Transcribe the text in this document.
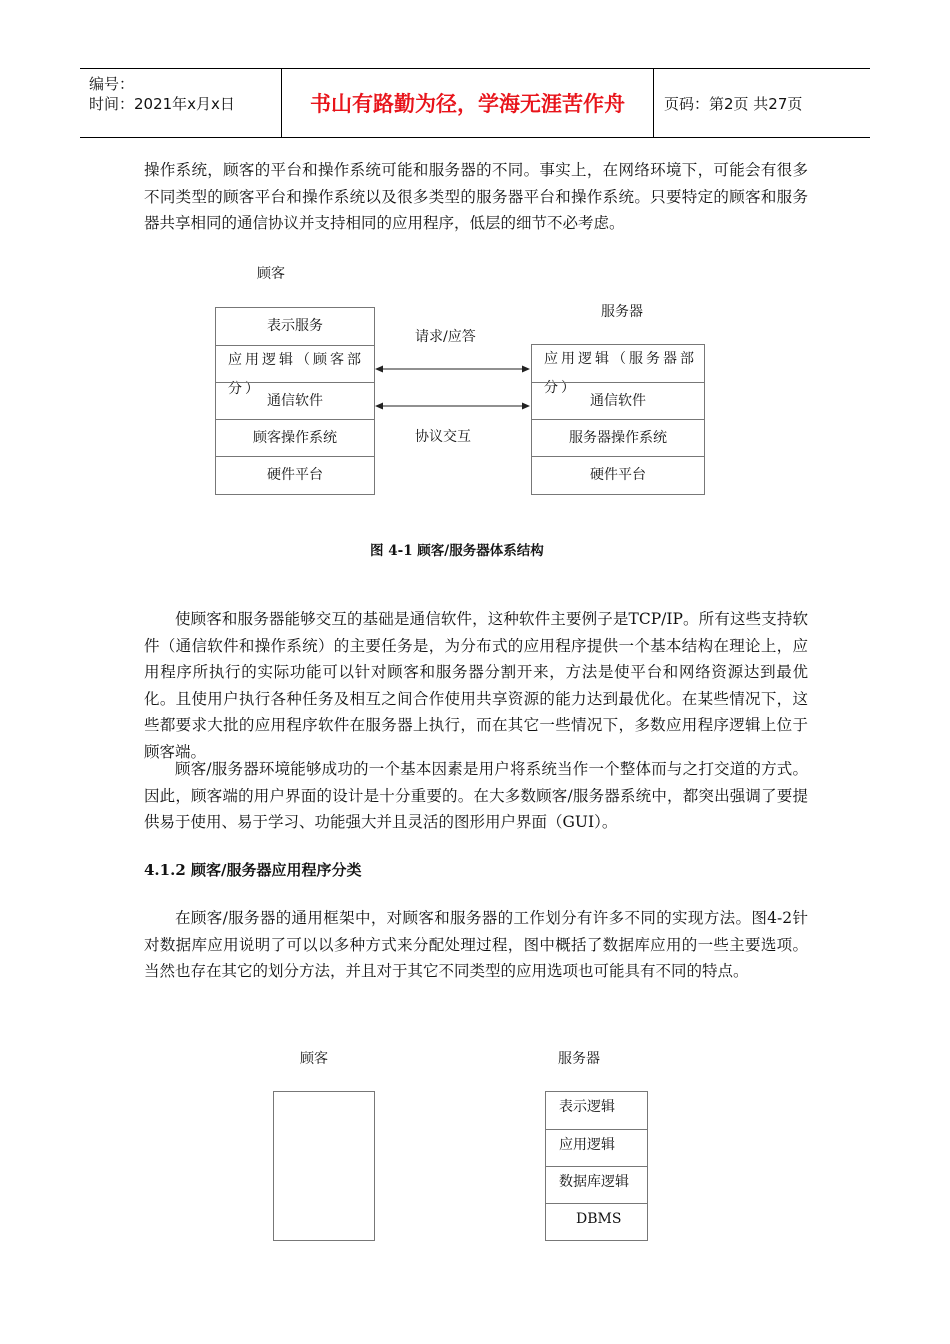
编号：
时间：2021年x月x日	书山有路勤为径，学海无涯苦作舟	页码：第2页 共27页

操作系统，顾客的平台和操作系统可能和服务器的不同。事实上，在网络环境下，可能会有很多不同类型的顾客平台和操作系统以及很多类型的服务器平台和操作系统。只要特定的顾客和服务器共享相同的通信协议并支持相同的应用程序，低层的细节不必考虑。

顾客
服务器
请求/应答
协议交互
表示服务
应用逻辑（顾客部分）
通信软件
顾客操作系统
硬件平台
应用逻辑（服务器部分）
通信软件
服务器操作系统
硬件平台
图 4-1 顾客/服务器体系结构

使顾客和服务器能够交互的基础是通信软件，这种软件主要例子是TCP/IP。所有这些支持软件（通信软件和操作系统）的主要任务是，为分布式的应用程序提供一个基本结构在理论上，应用程序所执行的实际功能可以针对顾客和服务器分割开来，方法是使平台和网络资源达到最优化。且使用户执行各种任务及相互之间合作使用共享资源的能力达到最优化。在某些情况下，这些都要求大批的应用程序软件在服务器上执行，而在其它一些情况下，多数应用程序逻辑上位于顾客端。

顾客/服务器环境能够成功的一个基本因素是用户将系统当作一个整体而与之打交道的方式。因此，顾客端的用户界面的设计是十分重要的。在大多数顾客/服务器系统中，都突出强调了要提供易于使用、易于学习、功能强大并且灵活的图形用户界面（GUI）。

4.1.2 顾客/服务器应用程序分类

在顾客/服务器的通用框架中，对顾客和服务器的工作划分有许多不同的实现方法。图4-2针对数据库应用说明了可以以多种方式来分配处理过程，图中概括了数据库应用的一些主要选项。当然也存在其它的划分方法，并且对于其它不同类型的应用选项也可能具有不同的特点。

顾客	服务器
表示逻辑
应用逻辑
数据库逻辑
DBMS
